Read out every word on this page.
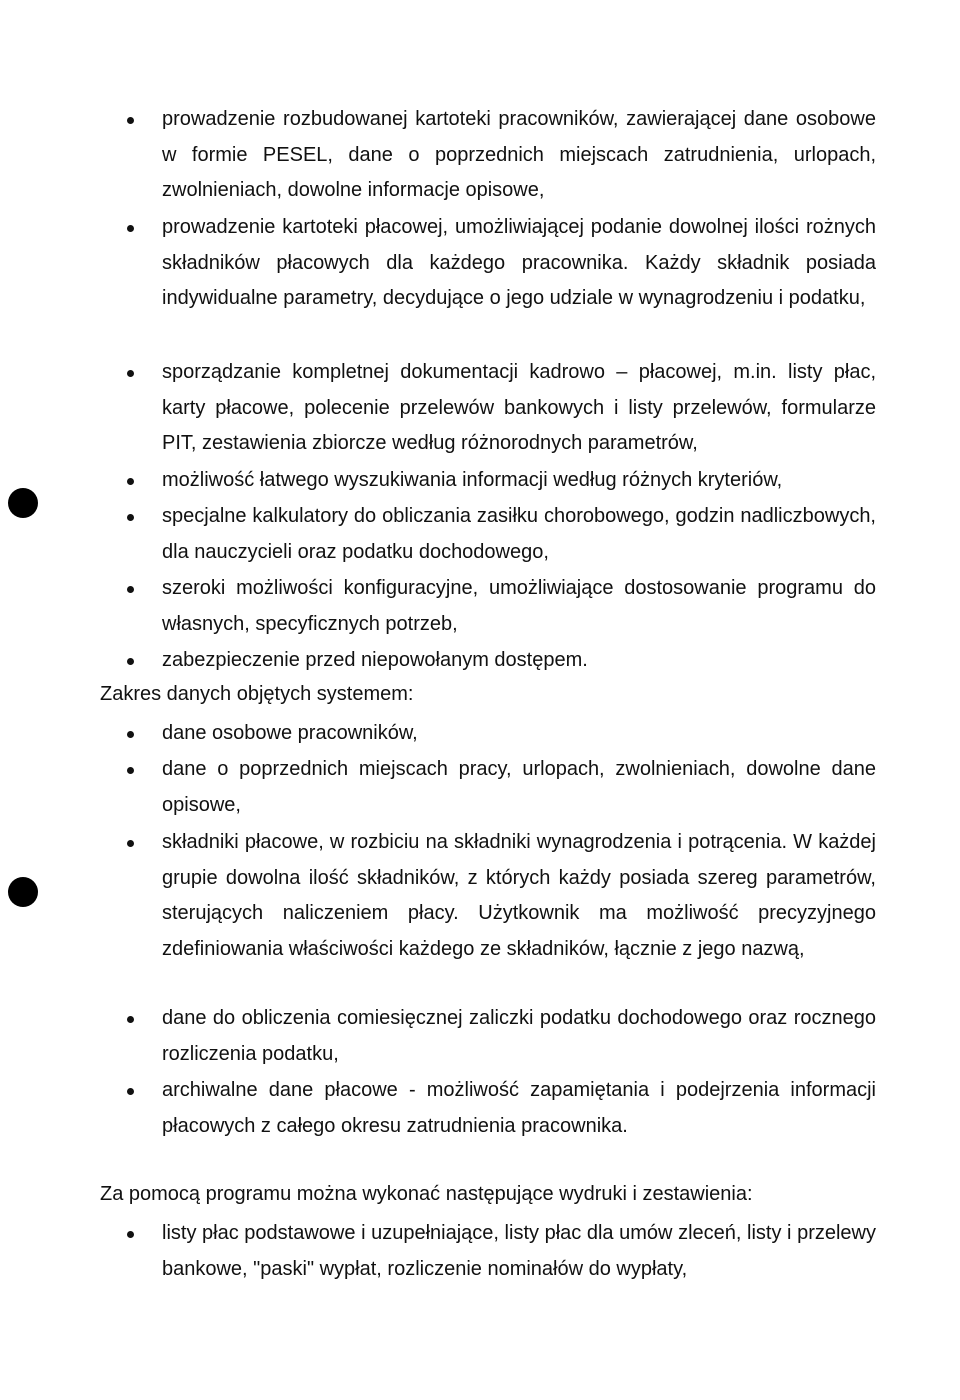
prowadzenie rozbudowanej kartoteki pracowników, zawierającej dane osobowe w formie PESEL, dane o poprzednich miejscach zatrudnienia, urlopach, zwolnieniach, dowolne informacje opisowe,
prowadzenie kartoteki płacowej, umożliwiającej podanie dowolnej ilości rożnych składników płacowych dla każdego pracownika. Każdy składnik posiada indywidualne parametry, decydujące o jego udziale w wynagrodzeniu i podatku,
sporządzanie kompletnej dokumentacji kadrowo – płacowej, m.in. listy płac, karty płacowe, polecenie przelewów bankowych i listy przelewów, formularze PIT, zestawienia zbiorcze według różnorodnych parametrów,
możliwość łatwego wyszukiwania informacji według różnych kryteriów,
specjalne kalkulatory do obliczania zasiłku chorobowego, godzin nadliczbowych, dla nauczycieli oraz podatku dochodowego,
szeroki możliwości konfiguracyjne, umożliwiające dostosowanie programu do własnych, specyficznych potrzeb,
zabezpieczenie przed niepowołanym dostępem.
Zakres danych objętych systemem:
dane osobowe pracowników,
dane o poprzednich miejscach pracy, urlopach, zwolnieniach, dowolne dane opisowe,
składniki płacowe, w rozbiciu na składniki wynagrodzenia i potrącenia. W każdej grupie dowolna ilość składników, z których każdy posiada szereg parametrów, sterujących naliczeniem płacy. Użytkownik ma możliwość precyzyjnego zdefiniowania właściwości każdego ze składników, łącznie z jego nazwą,
dane do obliczenia comiesięcznej zaliczki podatku dochodowego oraz rocznego rozliczenia podatku,
archiwalne dane płacowe - możliwość zapamiętania i podejrzenia informacji płacowych z całego okresu zatrudnienia pracownika.
Za pomocą programu można wykonać następujące wydruki i zestawienia:
listy płac podstawowe i uzupełniające, listy płac dla umów zleceń, listy i przelewy bankowe, "paski" wypłat, rozliczenie nominałów do wypłaty,
